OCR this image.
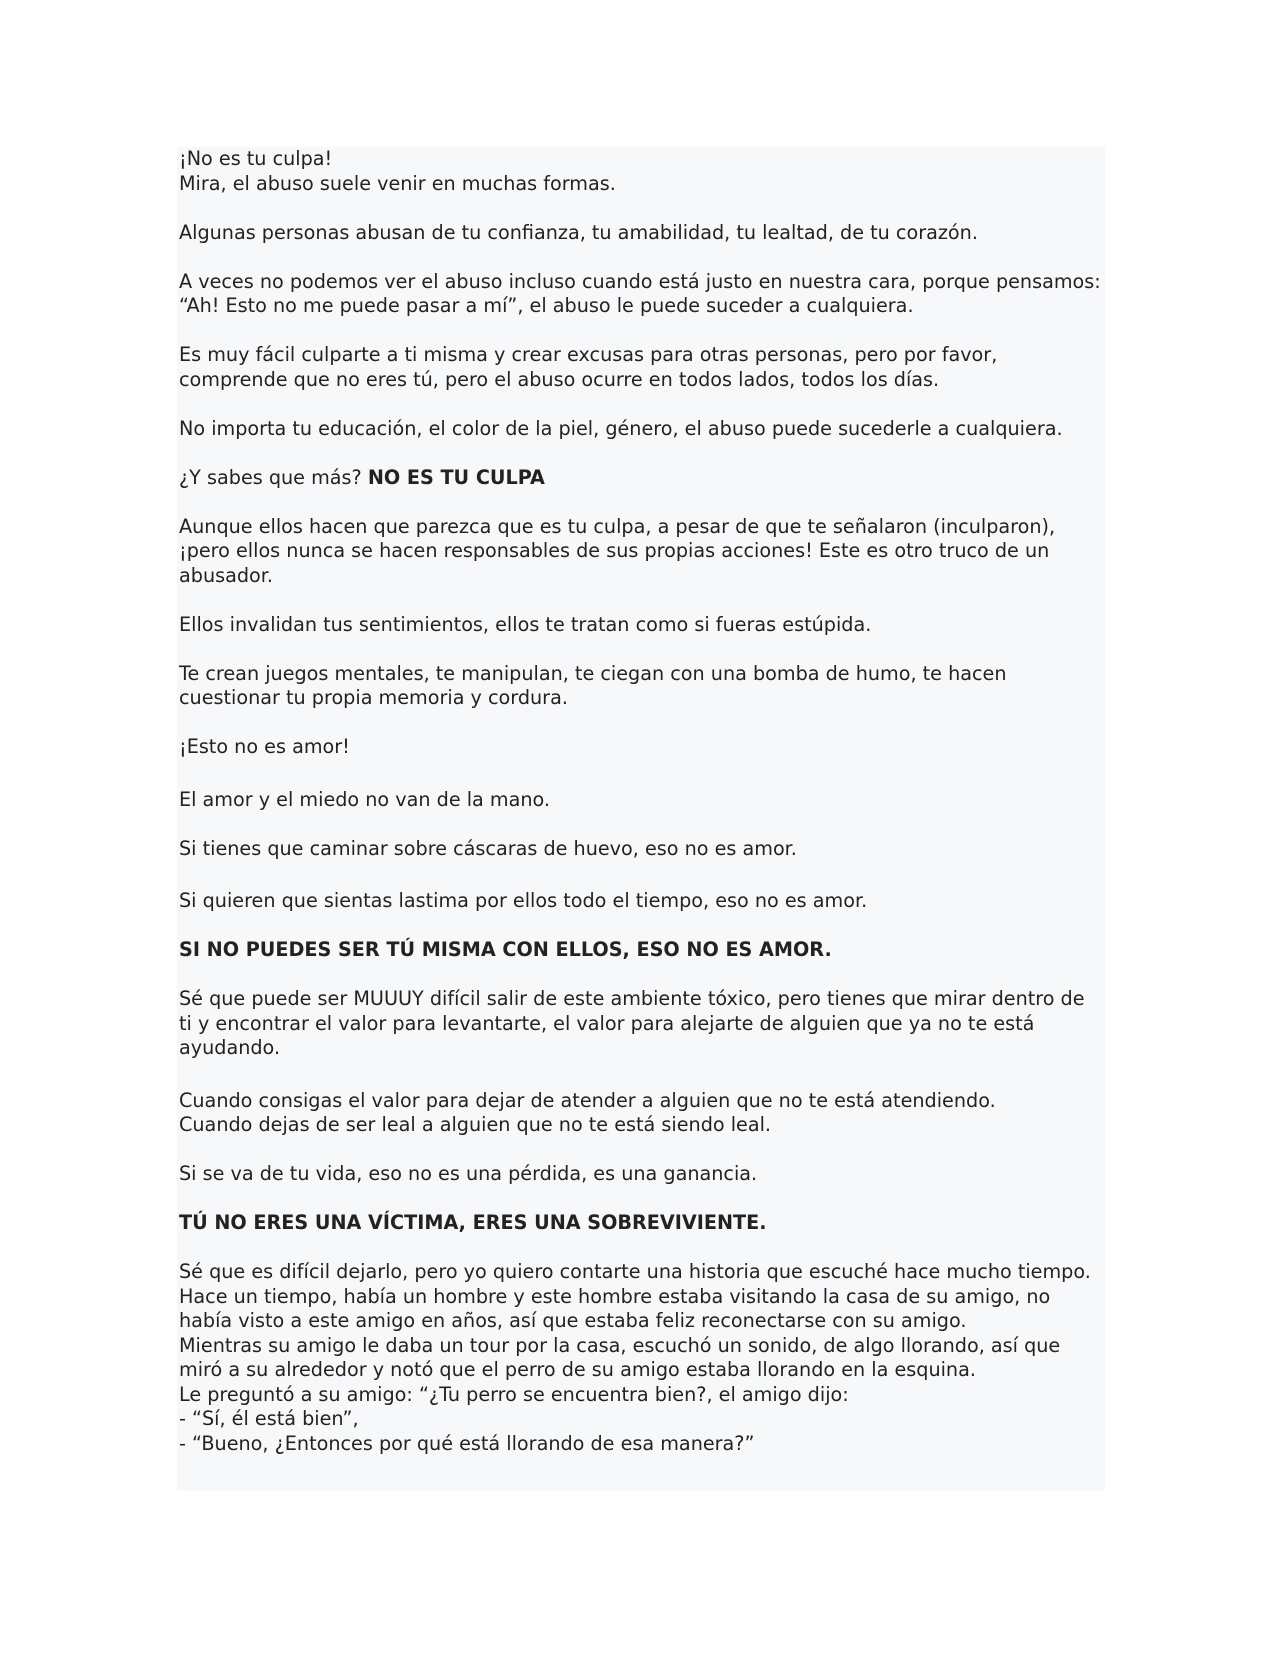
¡No es tu culpa!
Mira, el abuso suele venir en muchas formas.
Algunas personas abusan de tu confianza, tu amabilidad, tu lealtad, de tu corazón.
A veces no podemos ver el abuso incluso cuando está justo en nuestra cara, porque pensamos: “Ah! Esto no me puede pasar a mí”, el abuso le puede suceder a cualquiera.
Es muy fácil culparte a ti misma y crear excusas para otras personas, pero por favor, comprende que no eres tú, pero el abuso ocurre en todos lados, todos los días.
No importa tu educación, el color de la piel, género, el abuso puede sucederle a cualquiera.
¿Y sabes que más? NO ES TU CULPA
Aunque ellos hacen que parezca que es tu culpa, a pesar de que te señalaron (inculparon), ¡pero ellos nunca se hacen responsables de sus propias acciones! Este es otro truco de un abusador.
Ellos invalidan tus sentimientos, ellos te tratan como si fueras estúpida.
Te crean juegos mentales, te manipulan, te ciegan con una bomba de humo, te hacen cuestionar tu propia memoria y cordura.
¡Esto no es amor!
El amor y el miedo no van de la mano.
Si tienes que caminar sobre cáscaras de huevo, eso no es amor.
Si quieren que sientas lastima por ellos todo el tiempo, eso no es amor.
SI NO PUEDES SER TÚ MISMA CON ELLOS, ESO NO ES AMOR.
Sé que puede ser MUUUY difícil salir de este ambiente tóxico, pero tienes que mirar dentro de ti y encontrar el valor para levantarte, el valor para alejarte de alguien que ya no te está ayudando.
Cuando consigas el valor para dejar de atender a alguien que no te está atendiendo.
Cuando dejas de ser leal a alguien que no te está siendo leal.
Si se va de tu vida, eso no es una pérdida, es una ganancia.
TÚ NO ERES UNA VÍCTIMA, ERES UNA SOBREVIVIENTE.
Sé que es difícil dejarlo, pero yo quiero contarte una historia que escuché hace mucho tiempo.
Hace un tiempo, había un hombre y este hombre estaba visitando la casa de su amigo, no había visto a este amigo en años, así que estaba feliz reconectarse con su amigo.
Mientras su amigo le daba un tour por la casa, escuchó un sonido, de algo llorando, así que miró a su alrededor y notó que el perro de su amigo estaba llorando en la esquina.
Le preguntó a su amigo: “¿Tu perro se encuentra bien?, el amigo dijo:
- “Sí, él está bien”,
- “Bueno, ¿Entonces por qué está llorando de esa manera?”
